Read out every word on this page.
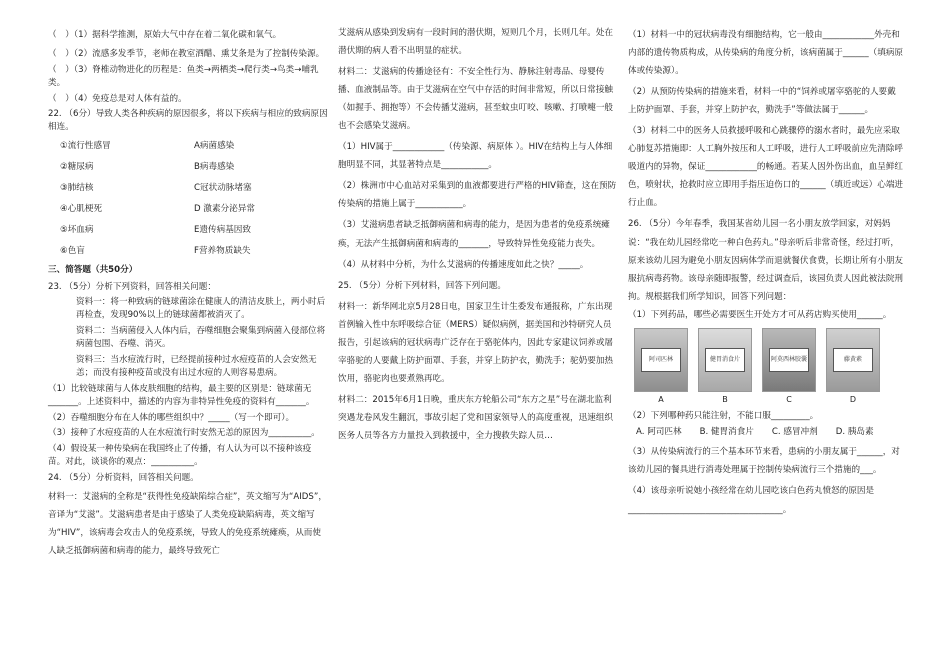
（　）（1）据科学推测，原始大气中存在着二氧化碳和氧气。

（　）（2）流感多发季节，老师在教室洒醋、熏艾条是为了控制传染源。

（　）（3）脊椎动物进化的历程是：鱼类→两栖类→爬行类→鸟类→哺乳类。

（　）（4）免疫总是对人体有益的。

22. （6分）导致人类各种疾病的原因很多，将以下疾病与相应的致病原因相连。

①流行性感冒	A病菌感染
②糖尿病	B病毒感染
③肺结核	C冠状动脉堵塞
④心肌梗死	D 激素分泌异常
⑤坏血病	E遗传病基因致
⑥色盲	F营养物质缺失

三、简答题（共50分）

23. （5分）分析下列资料，回答相关问题：

资料一：将一种致病的链球菌涂在健康人的清洁皮肤上，两小时后再检查，发现90%以上的链球菌都被消灭了。

资料二：当病菌侵入人体内后，吞噬细胞会聚集到病菌入侵部位将病菌包围、吞噬、消灭。

资料三：当水痘流行时，已经提前接种过水痘疫苗的人会安然无恙；而没有接种疫苗或没有出过水痘的人则容易患病。

（1）比较链球菌与人体皮肤细胞的结构，最主要的区别是：链球菌无_______。上述资料中，描述的内容为非特异性免疫的资料有_______。

（2）吞噬细胞分布在人体的哪些组织中？_____（写一个即可）。

（3）接种了水痘疫苗的人在水痘流行时安然无恙的原因为__________。

（4）假设某一种传染病在我国终止了传播，有人认为可以不接种该疫苗。对此，谈谈你的观点：__________。

24. （5分）分析资料，回答相关问题。

材料一：艾滋病的全称是“获得性免疫缺陷综合症”，英文缩写为“AIDS”，音译为“艾滋”。艾滋病患者是由于感染了人类免疫缺陷病毒，英文缩写为“HIV”，该病毒会攻击人的免疫系统，导致人的免疫系统瘫痪，从而使人缺乏抵御病菌和病毒的能力，最终导致死亡

艾滋病从感染到发病有一段时间的潜伏期，短则几个月，长则几年。处在潜伏期的病人看不出明显的症状。

材料二：艾滋病的传播途径有：不安全性行为、静脉注射毒品、母婴传播、血液制品等。由于艾滋病在空气中存活的时间非常短，所以日常接触（如握手、拥抱等）不会传播艾滋病，甚至蚊虫叮咬、咳嗽、打喷嚏一般也不会感染艾滋病。

（1）HIV属于____________（传染源、病原体 ）。HIV在结构上与人体细胞明显不同，其显著特点是___________。

（2）株洲市中心血站对采集到的血液都要进行严格的HIV筛查，这在预防传染病的措施上属于___________。

（3）艾滋病患者缺乏抵御病菌和病毒的能力，是因为患者的免疫系统瘫痪，无法产生抵御病菌和病毒的_______，导致特异性免疫能力丧失。

（4）从材料中分析，为什么艾滋病的传播速度如此之快？_____。

25. （5分）分析下列材料，回答下列问题。

材料一：新华网北京5月28日电，国家卫生计生委发布通报称，广东出现首例输入性中东呼吸综合征（MERS）疑似病例，据美国和沙特研究人员报告，引起该病的冠状病毒广泛存在于骆驼体内，因此专家建议饲养或屠宰骆驼的人要戴上防护面罩、手套，并穿上防护衣，勤洗手；驼奶要加热饮用，骆驼肉也要煮熟再吃。

材料二：2015年6月1日晚，重庆东方轮船公司“东方之星”号在湖北监利突遇龙卷风发生翻沉，事故引起了党和国家领导人的高度重视，迅速组织医务人员等各方力量投入到救援中，全力搜救失踪人员…

（1）材料一中的冠状病毒没有细胞结构，它一般由____________外壳和内部的遗传物质构成，从传染病的角度分析，该病菌属于______（填病原体或传染源）。

（2）从预防传染病的措施来看，材料一中的“饲养或屠宰骆驼的人要戴上防护面罩、手套，并穿上防护衣，勤洗手”等做法属于______。

（3）材料二中的医务人员救援呼吸和心跳骤停的溺水者时，最先应采取心肺复苏措施即：人工胸外按压和人工呼吸，进行人工呼吸前应先清除呼吸道内的异物，保证____________的畅通。若某人因外伤出血，血呈鲜红色，喷射状，抢救时应立即用手指压迫伤口的______（填近或远）心端进行止血。

26. （5分）今年春季，我国某省幼儿园一名小朋友放学回家，对妈妈说：“我在幼儿园经常吃一种白色药丸。”母亲听后非常奇怪，经过打听，原来该幼儿园为避免小朋友因病体学而退就餐伏食费，长期让所有小朋友服抗病毒药物。该母亲随即报警，经过调查后，该园负责人因此被法院刑拘。规根据我们所学知识，回答下列问题：

（1）下列药品，哪些必需要医生开处方才可从药店购买使用______。

阿司匹林	健胃消食片	阿莫西林胶囊	藤黄素
A	B	C	D

（2）下列哪种药只能注射，不能口服_________。

A. 阿司匹林 B. 健胃消食片 C. 感冒冲剂 D. 胰岛素

（3）从传染病流行的三个基本环节来看，患病的小朋友属于______，对该幼儿园的餐具进行消毒处理属于控制传染病流行三个措施的___。

（4）该母亲听说她小孩经常在幼儿园吃该白色药丸愤怒的原因是____________________________________。
